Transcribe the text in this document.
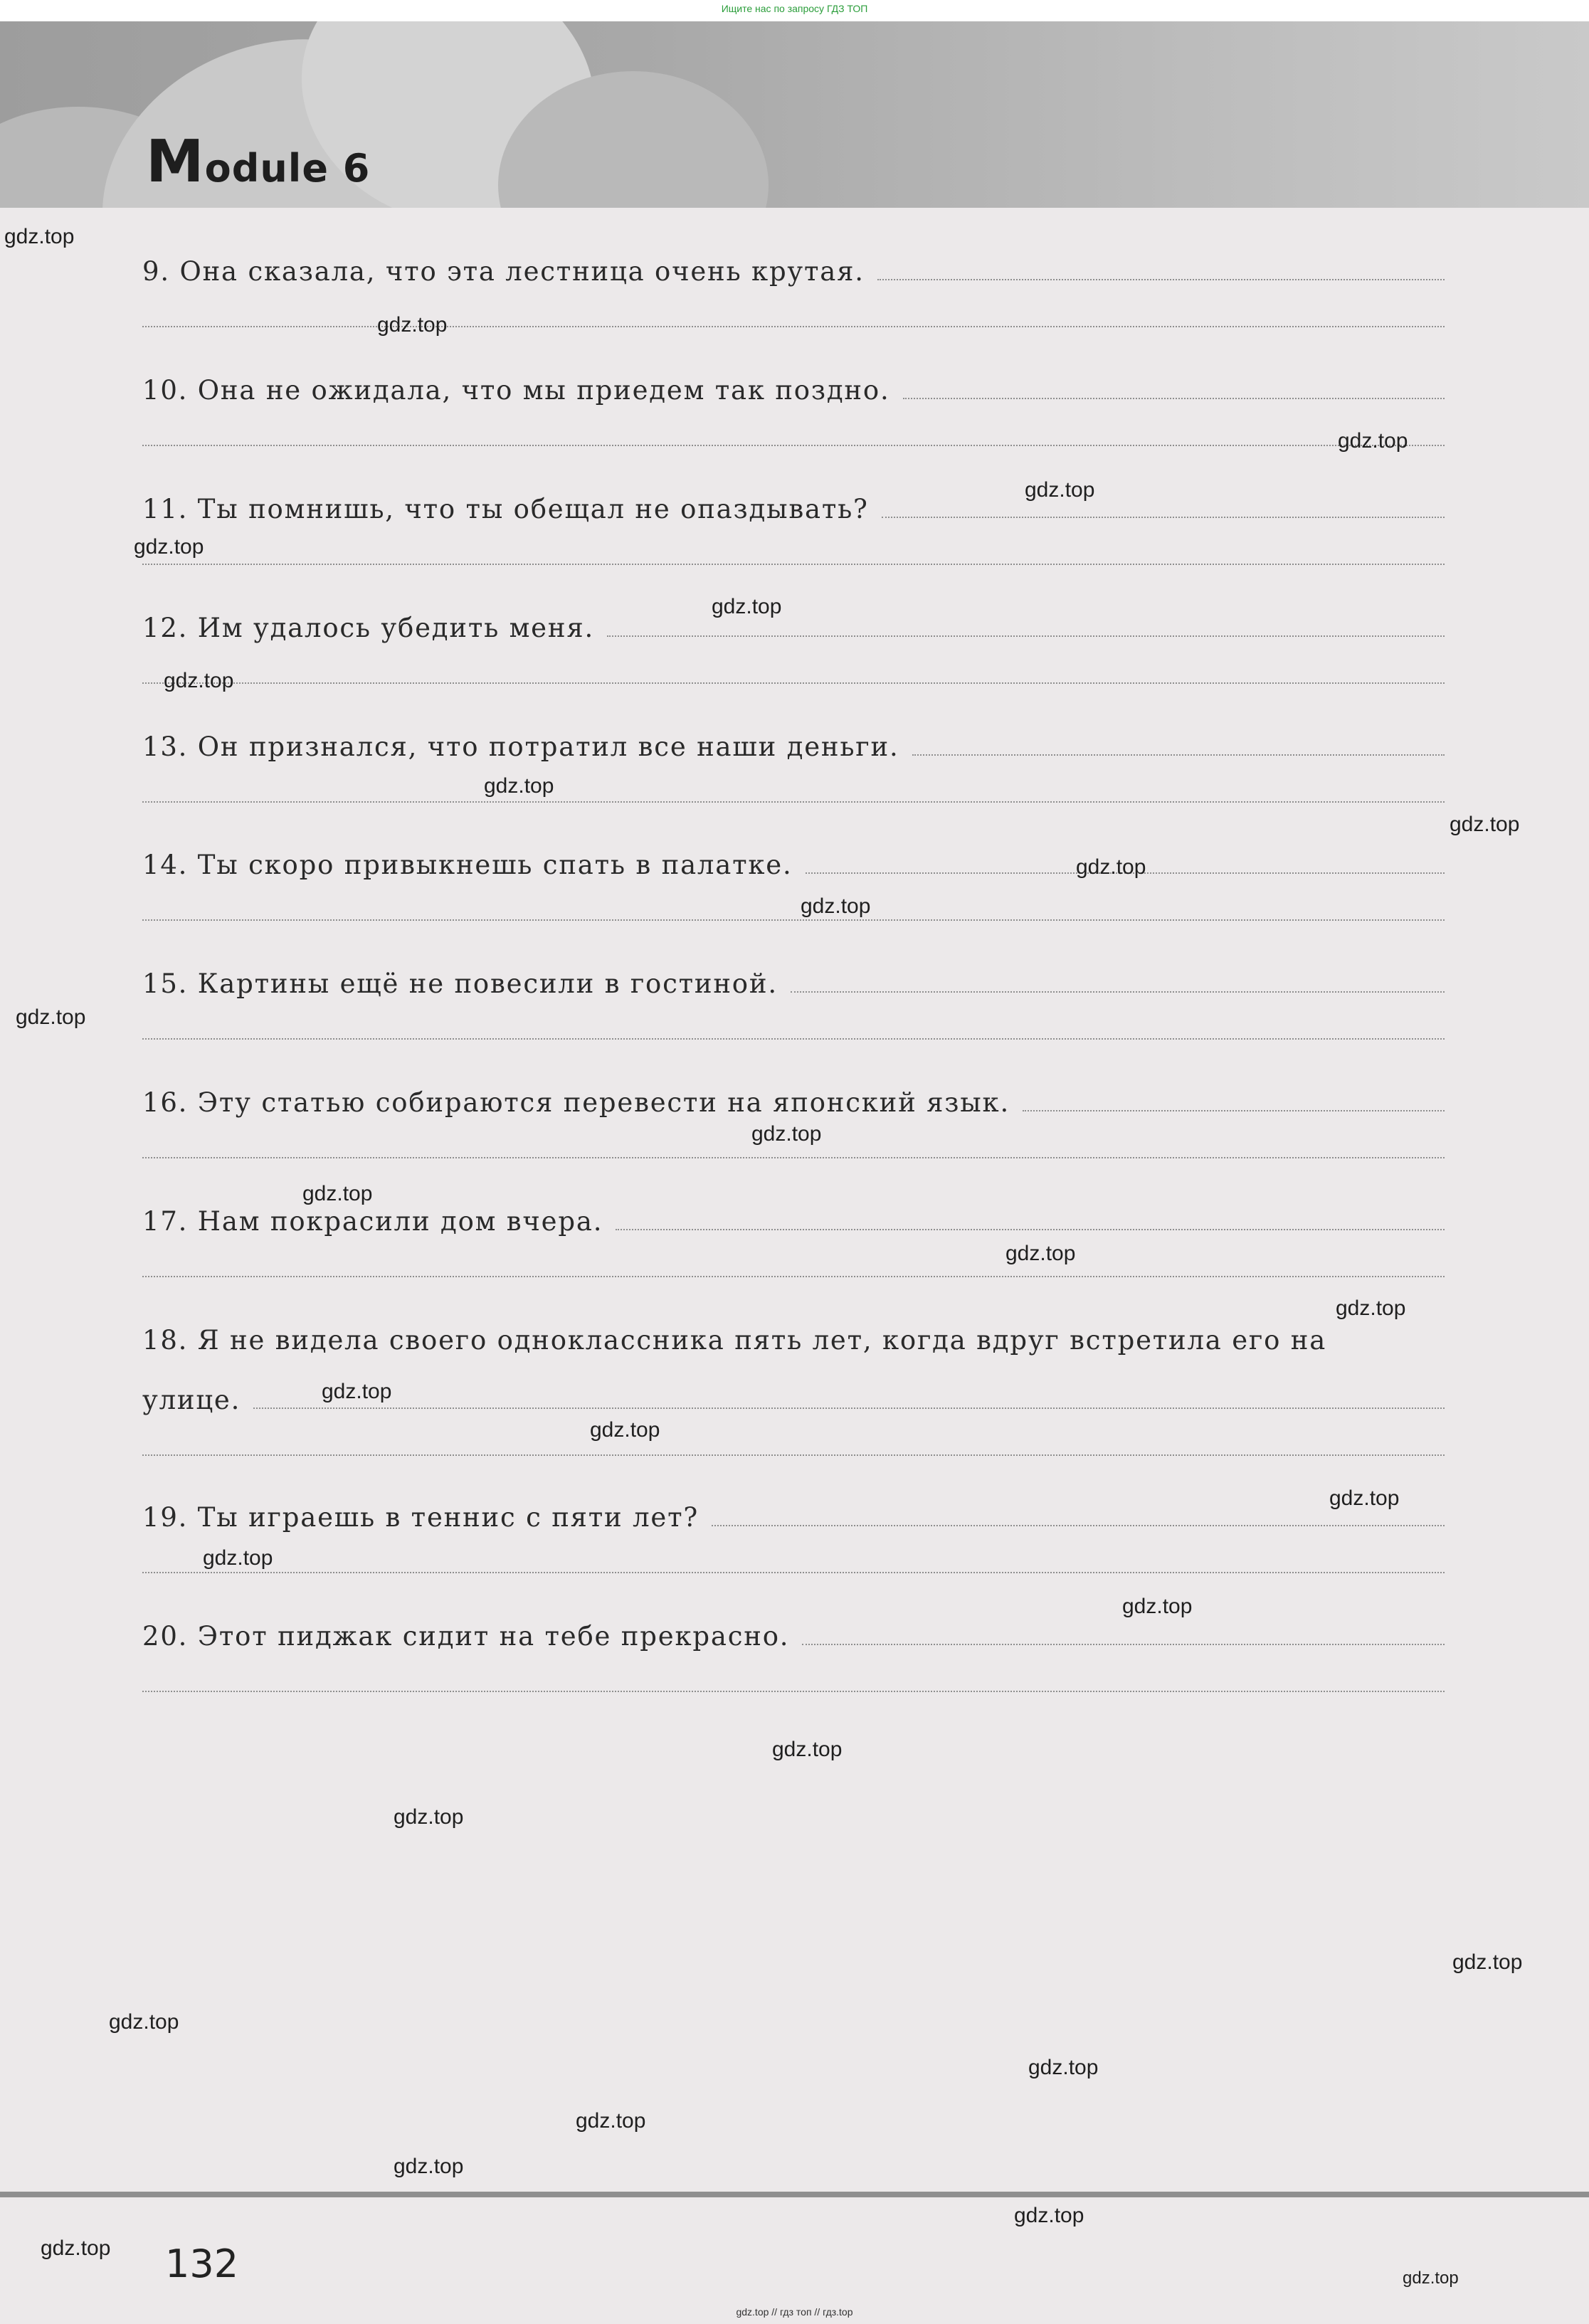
Ищите нас по запросу ГДЗ ТОП
Module 6
9. Она сказала, что эта лестница очень крутая.
10. Она не ожидала, что мы приедем так поздно.
11. Ты помнишь, что ты обещал не опаздывать?
12. Им удалось убедить меня.
13. Он признался, что потратил все наши деньги.
14. Ты скоро привыкнешь спать в палатке.
15. Картины ещё не повесили в гостиной.
16. Эту статью собираются перевести на японский язык.
17. Нам покрасили дом вчера.
18. Я не видела своего одноклассника пять лет, когда вдруг встретила его на
улице.
19. Ты играешь в теннис с пяти лет?
20. Этот пиджак сидит на тебе прекрасно.
132
gdz.top
gdz.top
gdz.top
gdz.top
gdz.top
gdz.top
gdz.top
gdz.top
gdz.top
gdz.top
gdz.top
gdz.top
gdz.top
gdz.top
gdz.top
gdz.top
gdz.top
gdz.top
gdz.top
gdz.top
gdz.top
gdz.top
gdz.top
gdz.top
gdz.top
gdz.top
gdz.top
gdz.top
gdz.top
gdz.top
gdz.top
gdz.top // гдз топ // гдз.top
